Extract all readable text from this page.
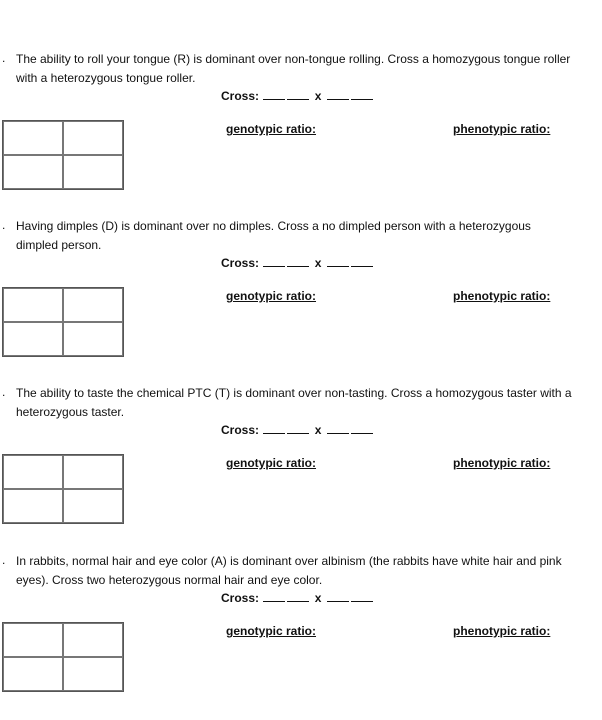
. The ability to roll your tongue (R) is dominant over non-tongue rolling. Cross a homozygous tongue roller with a heterozygous tongue roller.

Cross:	x
genotypic ratio:	phenotypic ratio:
. Having dimples (D) is dominant over no dimples. Cross a no dimpled person with a heterozygous dimpled person.

Cross:	x
genotypic ratio:	phenotypic ratio:
. The ability to taste the chemical PTC (T) is dominant over non-tasting. Cross a homozygous taster with a heterozygous taster.

Cross:	x
genotypic ratio:	phenotypic ratio:
. In rabbits, normal hair and eye color (A) is dominant over albinism (the rabbits have white hair and pink eyes). Cross two heterozygous normal hair and eye color.

Cross:	x
genotypic ratio:	phenotypic ratio:
